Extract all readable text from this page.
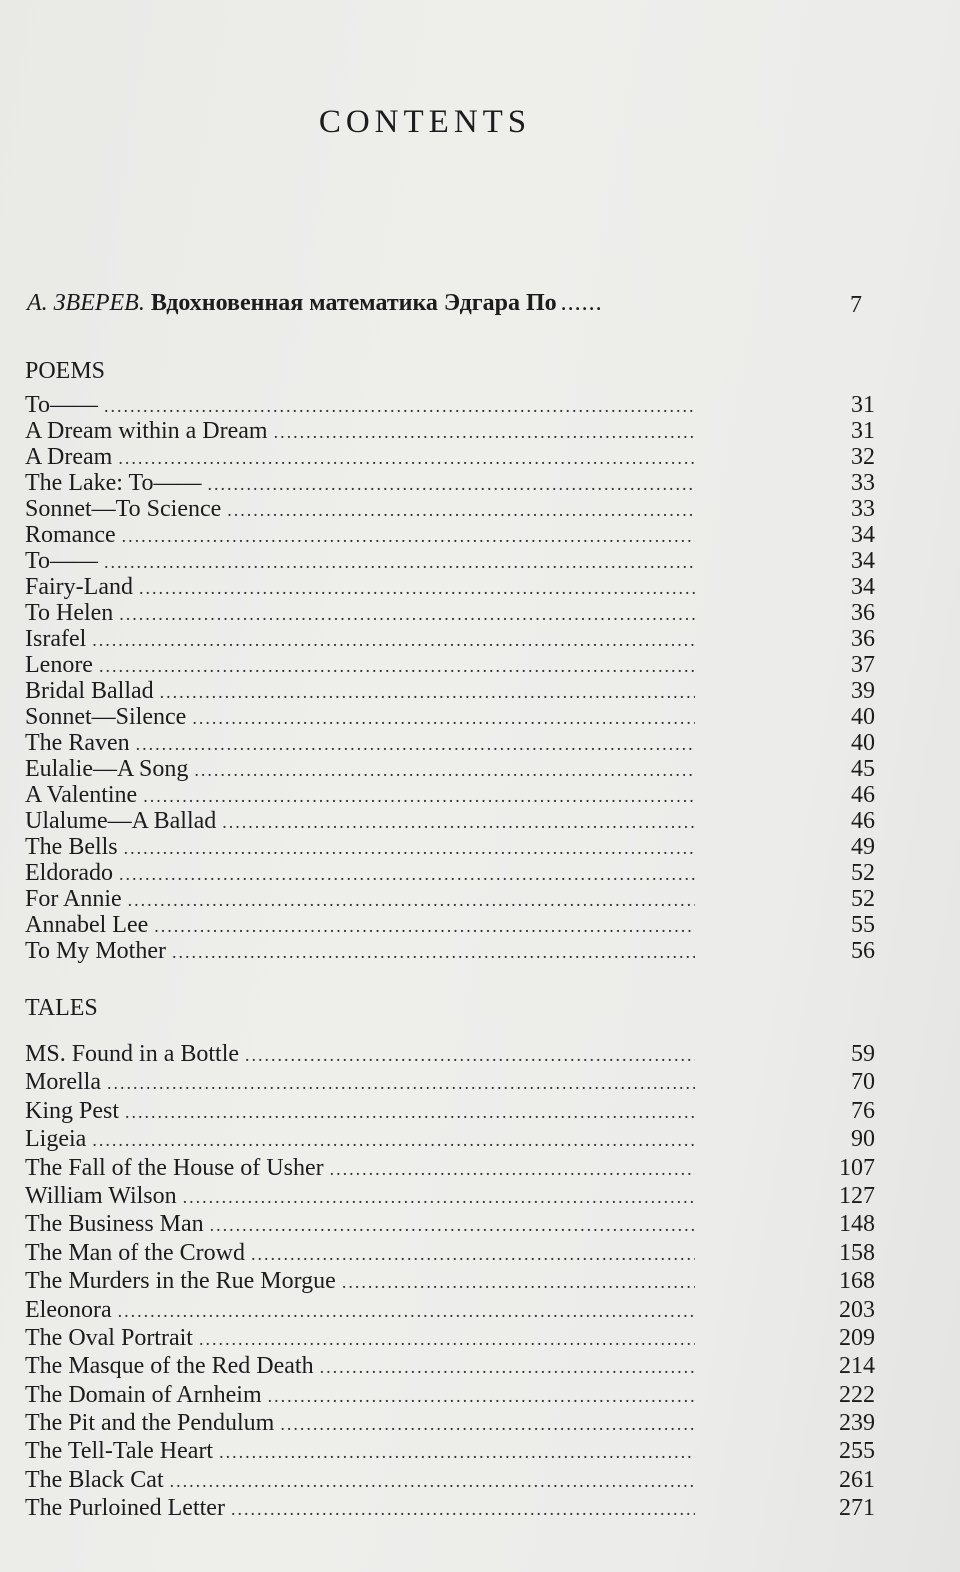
CONTENTS
А. ЗВЕРЕВ. Вдохновенная математика Эдгара По ......	7
POEMS
To—— .....	31
A Dream within a Dream .....	31
A Dream .....	32
The Lake: To—— .....	33
Sonnet—To Science .....	33
Romance .....	34
To—— .....	34
Fairy-Land .....	34
To Helen .....	36
Israfel .....	36
Lenore .....	37
Bridal Ballad .....	39
Sonnet—Silence .....	40
The Raven .....	40
Eulalie—A Song .....	45
A Valentine .....	46
Ulalume—A Ballad .....	46
The Bells .....	49
Eldorado .....	52
For Annie .....	52
Annabel Lee .....	55
To My Mother .....	56
TALES
MS. Found in a Bottle .....	59
Morella .....	70
King Pest .....	76
Ligeia .....	90
The Fall of the House of Usher .....	107
William Wilson .....	127
The Business Man .....	148
The Man of the Crowd .....	158
The Murders in the Rue Morgue .....	168
Eleonora .....	203
The Oval Portrait .....	209
The Masque of the Red Death .....	214
The Domain of Arnheim .....	222
The Pit and the Pendulum .....	239
The Tell-Tale Heart .....	255
The Black Cat .....	261
The Purloined Letter .....	271
